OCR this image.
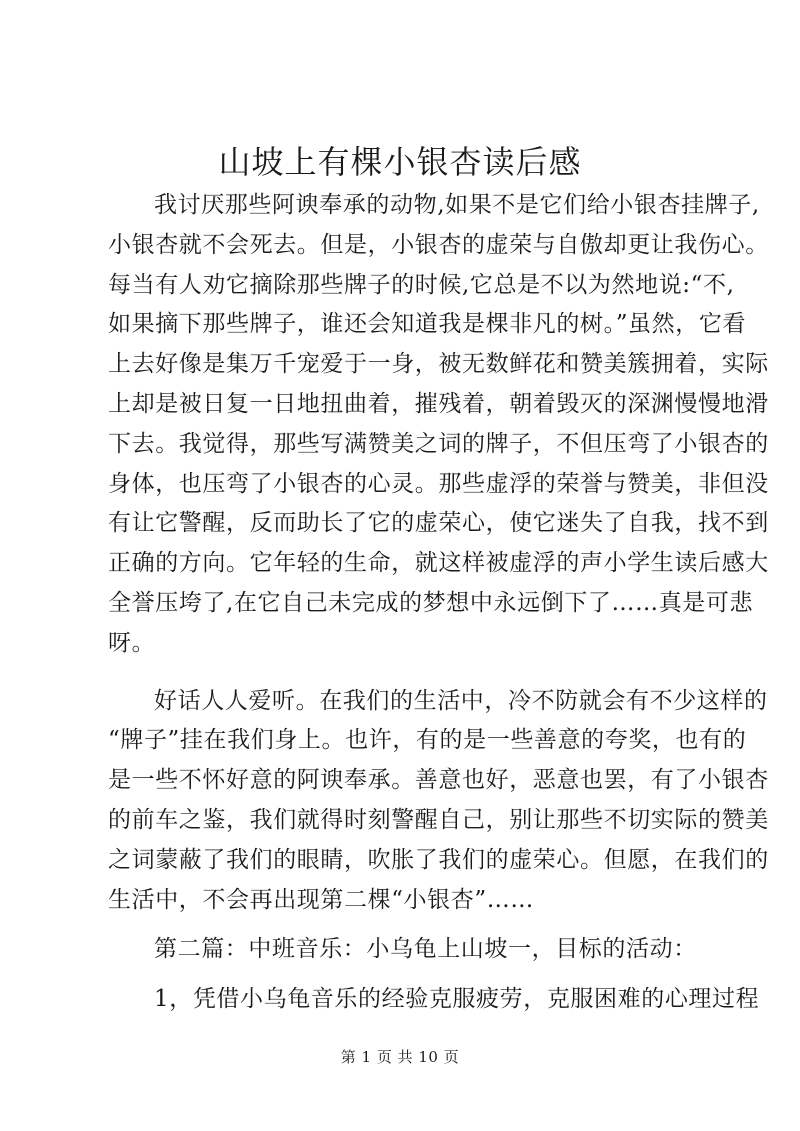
山坡上有棵小银杏读后感
我讨厌那些阿谀奉承的动物,如果不是它们给小银杏挂牌子,
小银杏就不会死去。但是，小银杏的虚荣与自傲却更让我伤心。
每当有人劝它摘除那些牌子的时候,它总是不以为然地说:“不,
如果摘下那些牌子，谁还会知道我是棵非凡的树。”虽然，它看
上去好像是集万千宠爱于一身，被无数鲜花和赞美簇拥着，实际
上却是被日复一日地扭曲着，摧残着，朝着毁灭的深渊慢慢地滑
下去。我觉得，那些写满赞美之词的牌子，不但压弯了小银杏的
身体，也压弯了小银杏的心灵。那些虚浮的荣誉与赞美，非但没
有让它警醒，反而助长了它的虚荣心，使它迷失了自我，找不到
正确的方向。它年轻的生命，就这样被虚浮的声小学生读后感大
全誉压垮了,在它自己未完成的梦想中永远倒下了……真是可悲
呀。
好话人人爱听。在我们的生活中，冷不防就会有不少这样的
“牌子”挂在我们身上。也许，有的是一些善意的夸奖，也有的
是一些不怀好意的阿谀奉承。善意也好，恶意也罢，有了小银杏
的前车之鉴，我们就得时刻警醒自己，别让那些不切实际的赞美
之词蒙蔽了我们的眼睛，吹胀了我们的虚荣心。但愿，在我们的
生活中，不会再出现第二棵“小银杏”……
第二篇：中班音乐：小乌龟上山坡一，目标的活动：
1，凭借小乌龟音乐的经验克服疲劳，克服困难的心理过程
第 1 页 共 10 页
